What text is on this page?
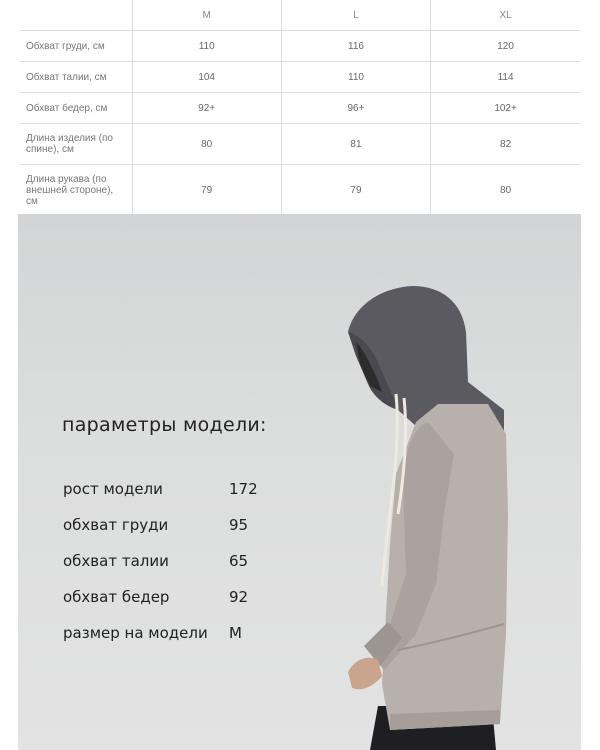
	M	L	XL
Обхват груди, см	110	116	120
Обхват талии, см	104	110	114
Обхват бедер, см	92+	96+	102+
Длина изделия (по спине), см	80	81	82
Длина рукава (по внешней стороне), см	79	79	80
параметры модели:
рост модели	172
обхват груди	95
обхват талии	65
обхват бедер	92
размер на модели M
